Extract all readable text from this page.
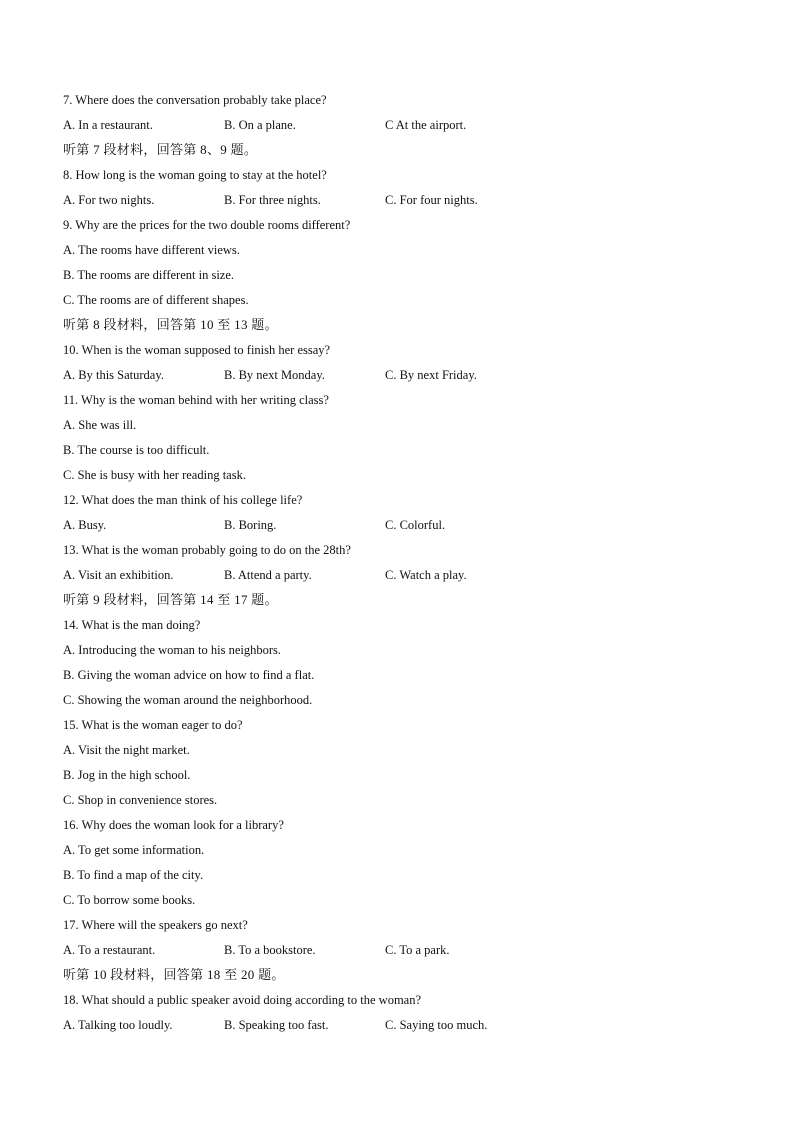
7. Where does the conversation probably take place?
A. In a restaurant.	B. On a plane.	C At the airport.
听第 7 段材料，回答第 8、9 题。
8. How long is the woman going to stay at the hotel?
A. For two nights.	B. For three nights.	C. For four nights.
9. Why are the prices for the two double rooms different?
A. The rooms have different views.
B. The rooms are different in size.
C. The rooms are of different shapes.
听第 8 段材料，回答第 10 至 13 题。
10. When is the woman supposed to finish her essay?
A. By this Saturday.	B. By next Monday.	C. By next Friday.
11. Why is the woman behind with her writing class?
A. She was ill.
B. The course is too difficult.
C. She is busy with her reading task.
12. What does the man think of his college life?
A. Busy.	B. Boring.	C. Colorful.
13. What is the woman probably going to do on the 28th?
A. Visit an exhibition.	B. Attend a party.	C. Watch a play.
听第 9 段材料，回答第 14 至 17 题。
14. What is the man doing?
A. Introducing the woman to his neighbors.
B. Giving the woman advice on how to find a flat.
C. Showing the woman around the neighborhood.
15. What is the woman eager to do?
A. Visit the night market.
B. Jog in the high school.
C. Shop in convenience stores.
16. Why does the woman look for a library?
A. To get some information.
B. To find a map of the city.
C. To borrow some books.
17. Where will the speakers go next?
A. To a restaurant.	B. To a bookstore.	C. To a park.
听第 10 段材料，回答第 18 至 20 题。
18. What should a public speaker avoid doing according to the woman?
A. Talking too loudly.	B. Speaking too fast.	C. Saying too much.
